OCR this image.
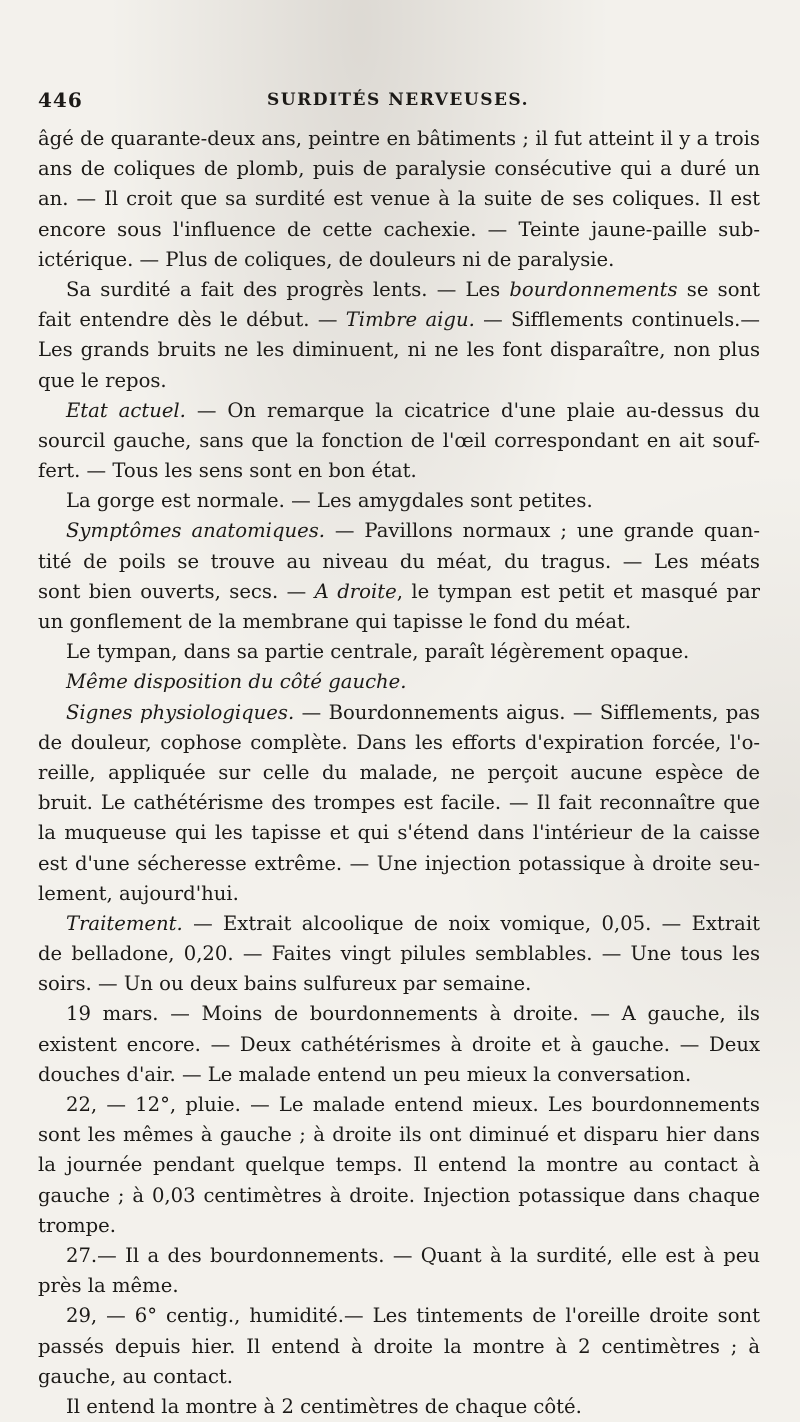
446	SURDITÉS NERVEUSES.
âgé de quarante-deux ans, peintre en bâtiments ; il fut atteint il y a trois
ans de coliques de plomb, puis de paralysie consécutive qui a duré un
an. — Il croit que sa surdité est venue à la suite de ses coliques. Il est
encore sous l'influence de cette cachexie. — Teinte jaune-paille sub-
ictérique. — Plus de coliques, de douleurs ni de paralysie.
Sa surdité a fait des progrès lents. — Les bourdonnements se sont
fait entendre dès le début. — Timbre aigu. — Sifflements continuels.—
Les grands bruits ne les diminuent, ni ne les font disparaître, non plus
que le repos.
Etat actuel. — On remarque la cicatrice d'une plaie au-dessus du
sourcil gauche, sans que la fonction de l'œil correspondant en ait souf-
fert. — Tous les sens sont en bon état.
La gorge est normale. — Les amygdales sont petites.
Symptômes anatomiques. — Pavillons normaux ; une grande quan-
tité de poils se trouve au niveau du méat, du tragus. — Les méats
sont bien ouverts, secs. — A droite, le tympan est petit et masqué par
un gonflement de la membrane qui tapisse le fond du méat.
Le tympan, dans sa partie centrale, paraît légèrement opaque.
Même disposition du côté gauche.
Signes physiologiques. — Bourdonnements aigus. — Sifflements, pas
de douleur, cophose complète. Dans les efforts d'expiration forcée, l'o-
reille, appliquée sur celle du malade, ne perçoit aucune espèce de
bruit. Le cathétérisme des trompes est facile. — Il fait reconnaître que
la muqueuse qui les tapisse et qui s'étend dans l'intérieur de la caisse
est d'une sécheresse extrême. — Une injection potassique à droite seu-
lement, aujourd'hui.
Traitement. — Extrait alcoolique de noix vomique, 0,05. — Extrait
de belladone, 0,20. — Faites vingt pilules semblables. — Une tous les
soirs. — Un ou deux bains sulfureux par semaine.
19 mars. — Moins de bourdonnements à droite. — A gauche, ils
existent encore. — Deux cathétérismes à droite et à gauche. — Deux
douches d'air. — Le malade entend un peu mieux la conversation.
22, — 12°, pluie. — Le malade entend mieux. Les bourdonnements
sont les mêmes à gauche ; à droite ils ont diminué et disparu hier dans
la journée pendant quelque temps. Il entend la montre au contact à
gauche ; à 0,03 centimètres à droite. Injection potassique dans chaque
trompe.
27.— Il a des bourdonnements. — Quant à la surdité, elle est à peu
près la même.
29, — 6° centig., humidité.— Les tintements de l'oreille droite sont
passés depuis hier. Il entend à droite la montre à 2 centimètres ; à
gauche, au contact.
Il entend la montre à 2 centimètres de chaque côté.
